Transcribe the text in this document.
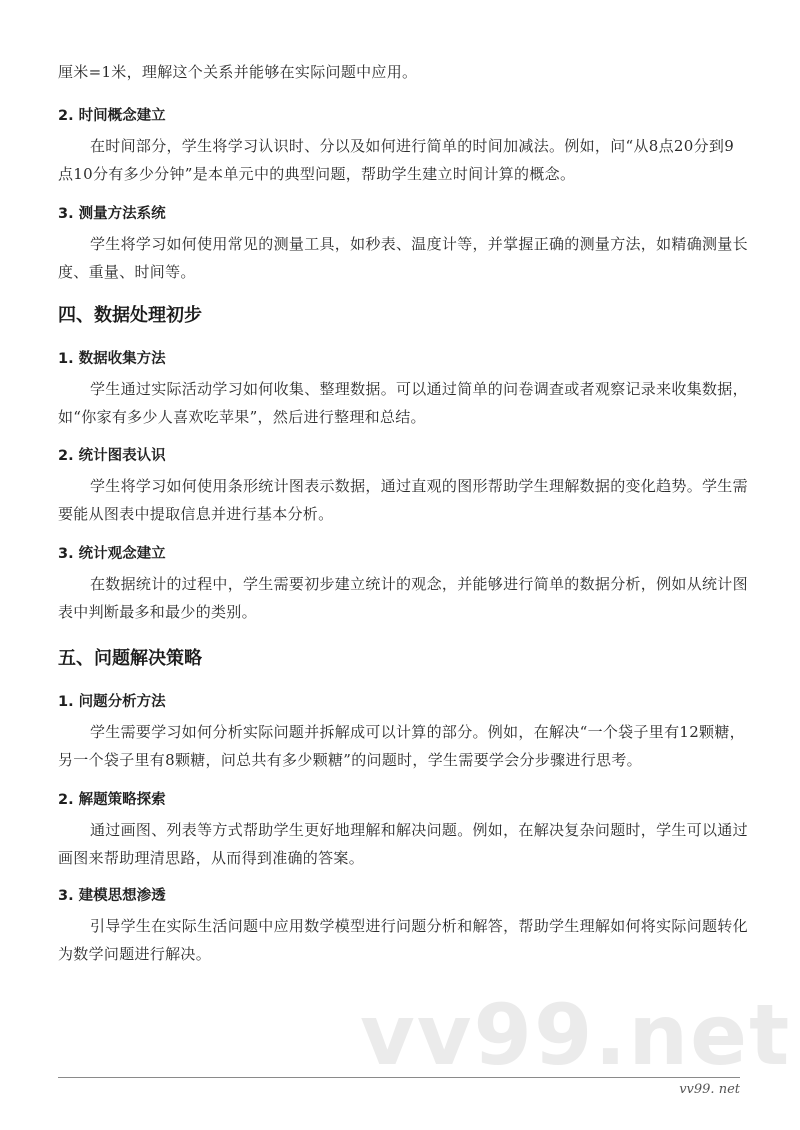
厘米=1米，理解这个关系并能够在实际问题中应用。

2. 时间概念建立

在时间部分，学生将学习认识时、分以及如何进行简单的时间加减法。例如，问“从8点20分到9点10分有多少分钟”是本单元中的典型问题，帮助学生建立时间计算的概念。

3. 测量方法系统

学生将学习如何使用常见的测量工具，如秒表、温度计等，并掌握正确的测量方法，如精确测量长度、重量、时间等。

四、数据处理初步
1. 数据收集方法

学生通过实际活动学习如何收集、整理数据。可以通过简单的问卷调查或者观察记录来收集数据，如“你家有多少人喜欢吃苹果”，然后进行整理和总结。

2. 统计图表认识

学生将学习如何使用条形统计图表示数据，通过直观的图形帮助学生理解数据的变化趋势。学生需要能从图表中提取信息并进行基本分析。

3. 统计观念建立

在数据统计的过程中，学生需要初步建立统计的观念，并能够进行简单的数据分析，例如从统计图表中判断最多和最少的类别。

五、问题解决策略
1. 问题分析方法

学生需要学习如何分析实际问题并拆解成可以计算的部分。例如，在解决“一个袋子里有12颗糖，另一个袋子里有8颗糖，问总共有多少颗糖”的问题时，学生需要学会分步骤进行思考。

2. 解题策略探索

通过画图、列表等方式帮助学生更好地理解和解决问题。例如，在解决复杂问题时，学生可以通过画图来帮助理清思路，从而得到准确的答案。

3. 建模思想渗透

引导学生在实际生活问题中应用数学模型进行问题分析和解答，帮助学生理解如何将实际问题转化为数学问题进行解决。

vv99.net
vv99. net
